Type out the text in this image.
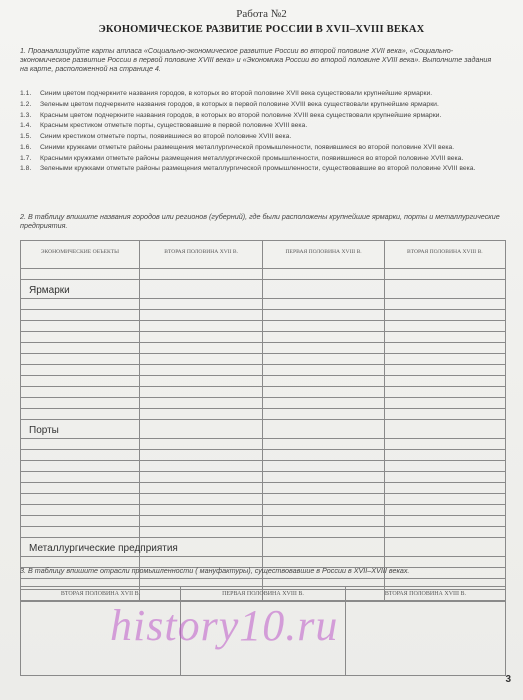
Работа №2
ЭКОНОМИЧЕСКОЕ РАЗВИТИЕ РОССИИ В XVII–XVIII ВЕКАХ
1. Проанализируйте карты атласа «Социально-экономическое развитие России во второй половине XVII века», «Социально-экономическое развитие России в первой половине XVIII века» и «Экономика России во второй половине XVIII века». Выполните задания на карте, расположенной на странице 4.
1.1.	Синим цветом подчеркните названия городов, в которых во второй половине XVII века существовали крупнейшие ярмарки.
1.2.	Зеленым цветом подчеркните названия городов, в которых в первой половине XVIII века существовали крупнейшие ярмарки.
1.3.	Красным цветом подчеркните названия городов, в которых во второй половине XVIII века существовали крупнейшие ярмарки.
1.4.	Красным крестиком отметьте порты, существовавшие в первой половине XVIII века.
1.5.	Синим крестиком отметьте порты, появившиеся во второй половине XVIII века.
1.6.	Синими кружками отметьте районы размещения металлургической промышленности, появившиеся во второй половине XVII века.
1.7.	Красными кружками отметьте районы размещения металлургической промышленности, появившиеся во второй половине XVIII века.
1.8.	Зелеными кружками отметьте районы размещения металлургической промышленности, существовавшие во второй половине XVIII века.
2. В таблицу впишите названия городов или регионов (губерний), где были расположены крупнейшие ярмарки, порты и металлургические предприятия.
ЭКОНОМИЧЕСКИЕ ОБЪЕКТЫ	ВТОРАЯ ПОЛОВИНА XVII В.	ПЕРВАЯ ПОЛОВИНА XVIII В.	ВТОРАЯ ПОЛОВИНА XVIII В.

Ярмарки			

Порты			

Металлургические предприятия			

3. В таблицу впишите отрасли промышленности ( мануфактуры), существовавшие в России в XVII–XVIII веках.
ВТОРАЯ ПОЛОВИНА XVII В.	ПЕРВАЯ ПОЛОВИНА XVIII В.	ВТОРАЯ ПОЛОВИНА XVIII В.

history10.ru
3
